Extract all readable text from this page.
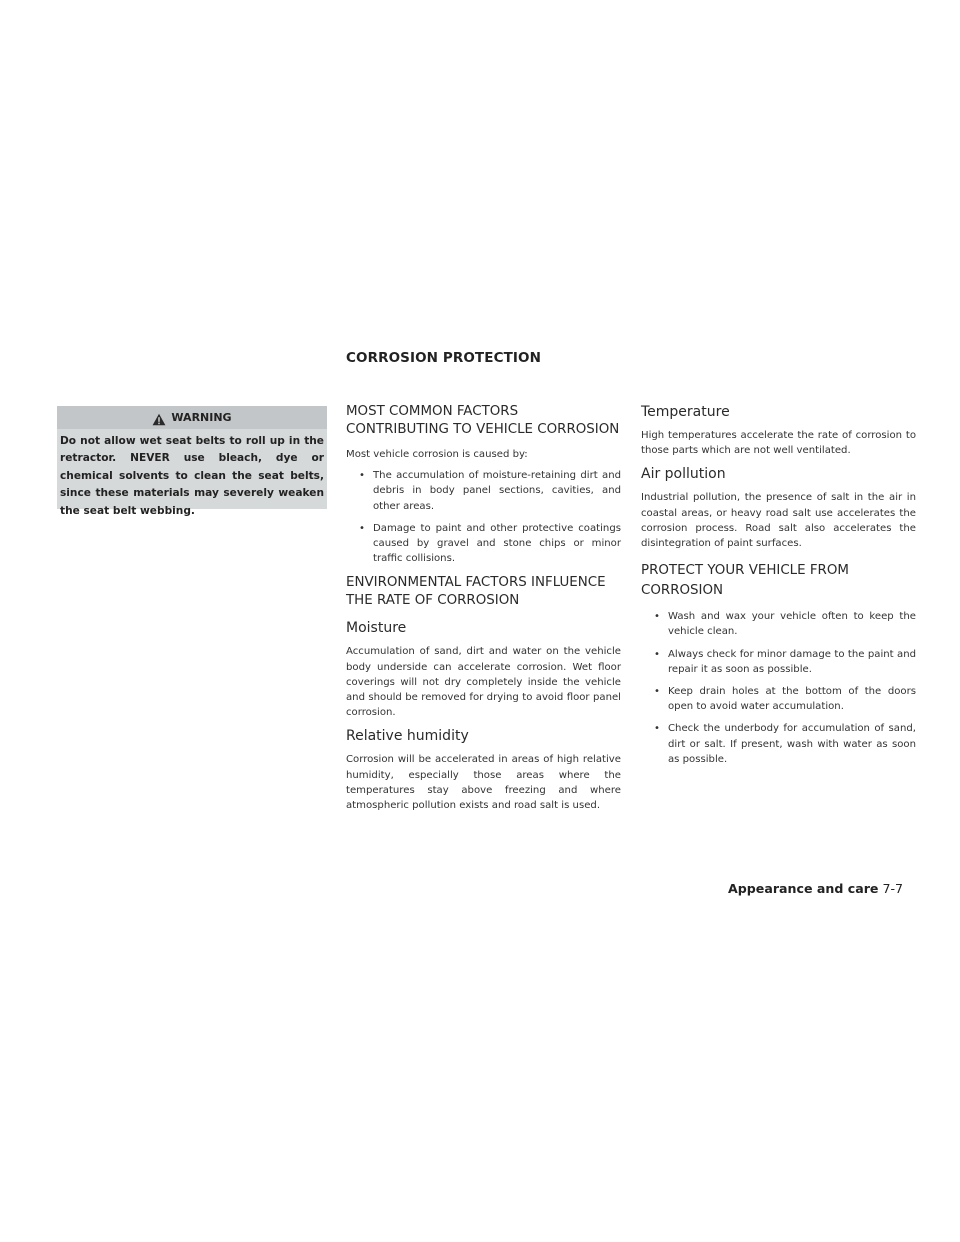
CORROSION PROTECTION
WARNING
Do not allow wet seat belts to roll up in the retractor. NEVER use bleach, dye or chemical solvents to clean the seat belts, since these materials may severely weaken the seat belt webbing.
MOST COMMON FACTORS CONTRIBUTING TO VEHICLE CORROSION

Most vehicle corrosion is caused by:

• The accumulation of moisture-retaining dirt and debris in body panel sections, cavities, and other areas.
• Damage to paint and other protective coatings caused by gravel and stone chips or minor traffic collisions.
ENVIRONMENTAL FACTORS INFLUENCE THE RATE OF CORROSION
Moisture

Accumulation of sand, dirt and water on the vehicle body underside can accelerate corrosion. Wet floor coverings will not dry completely inside the vehicle and should be removed for drying to avoid floor panel corrosion.

Relative humidity

Corrosion will be accelerated in areas of high relative humidity, especially those areas where the temperatures stay above freezing and where atmospheric pollution exists and road salt is used.

Temperature

High temperatures accelerate the rate of corrosion to those parts which are not well ventilated.

Air pollution

Industrial pollution, the presence of salt in the air in coastal areas, or heavy road salt use accelerates the corrosion process. Road salt also accelerates the disintegration of paint surfaces.

PROTECT YOUR VEHICLE FROM CORROSION
• Wash and wax your vehicle often to keep the vehicle clean.
• Always check for minor damage to the paint and repair it as soon as possible.
• Keep drain holes at the bottom of the doors open to avoid water accumulation.
• Check the underbody for accumulation of sand, dirt or salt. If present, wash with water as soon as possible.
Appearance and care 7-7
